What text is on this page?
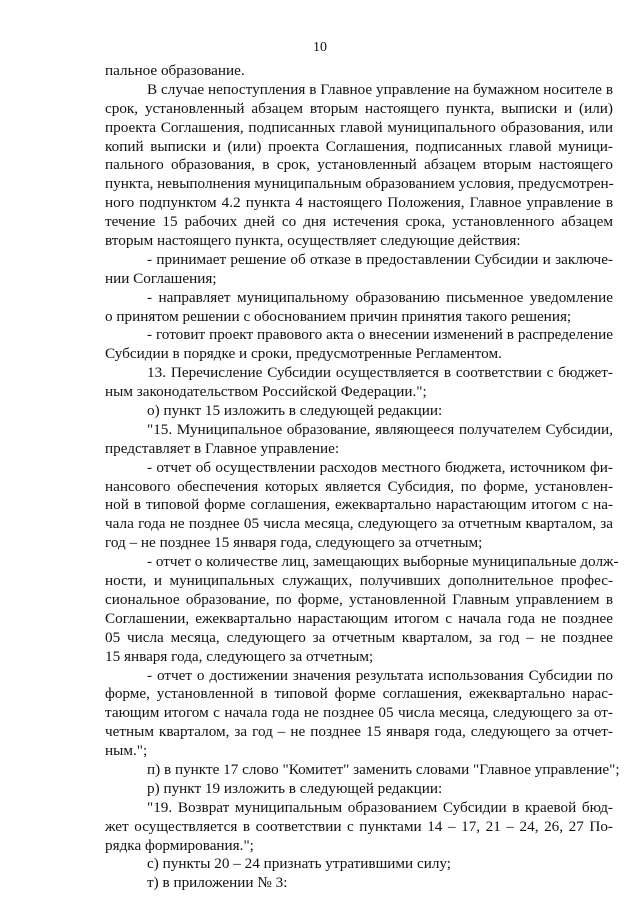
10
пальное образование.
В случае непоступления в Главное управление на бумажном носителе в
срок, установленный абзацем вторым настоящего пункта, выписки и (или)
проекта Соглашения, подписанных главой муниципального образования, или
копий выписки и (или) проекта Соглашения, подписанных главой муници-
пального образования, в срок, установленный абзацем вторым настоящего
пункта, невыполнения муниципальным образованием условия, предусмотрен-
ного подпунктом 4.2 пункта 4 настоящего Положения, Главное управление в
течение 15 рабочих дней со дня истечения срока, установленного абзацем
вторым настоящего пункта, осуществляет следующие действия:
- принимает решение об отказе в предоставлении Субсидии и заключе-
нии Соглашения;
- направляет муниципальному образованию письменное уведомление
о принятом решении с обоснованием причин принятия такого решения;
- готовит проект правового акта о внесении изменений в распределение
Субсидии в порядке и сроки, предусмотренные Регламентом.
13. Перечисление Субсидии осуществляется в соответствии с бюджет-
ным законодательством Российской Федерации.";
о) пункт 15 изложить в следующей редакции:
"15. Муниципальное образование, являющееся получателем Субсидии,
представляет в Главное управление:
- отчет об осуществлении расходов местного бюджета, источником фи-
нансового обеспечения которых является Субсидия, по форме, установлен-
ной в типовой форме соглашения, ежеквартально нарастающим итогом с на-
чала года не позднее 05 числа месяца, следующего за отчетным кварталом, за
год – не позднее 15 января года, следующего за отчетным;
- отчет о количестве лиц, замещающих выборные муниципальные долж-
ности, и муниципальных служащих, получивших дополнительное профес-
сиональное образование, по форме, установленной Главным управлением в
Соглашении, ежеквартально нарастающим итогом с начала года не позднее
05 числа месяца, следующего за отчетным кварталом, за год – не позднее
15 января года, следующего за отчетным;
- отчет о достижении значения результата использования Субсидии по
форме, установленной в типовой форме соглашения, ежеквартально нарас-
тающим итогом с начала года не позднее 05 числа месяца, следующего за от-
четным кварталом, за год – не позднее 15 января года, следующего за отчет-
ным.";
п) в пункте 17 слово "Комитет" заменить словами "Главное управление";
р) пункт 19 изложить в следующей редакции:
"19. Возврат муниципальным образованием Субсидии в краевой бюд-
жет осуществляется в соответствии с пунктами 14 – 17, 21 – 24, 26, 27 По-
рядка формирования.";
с) пункты 20 – 24 признать утратившими силу;
т) в приложении № 3:
